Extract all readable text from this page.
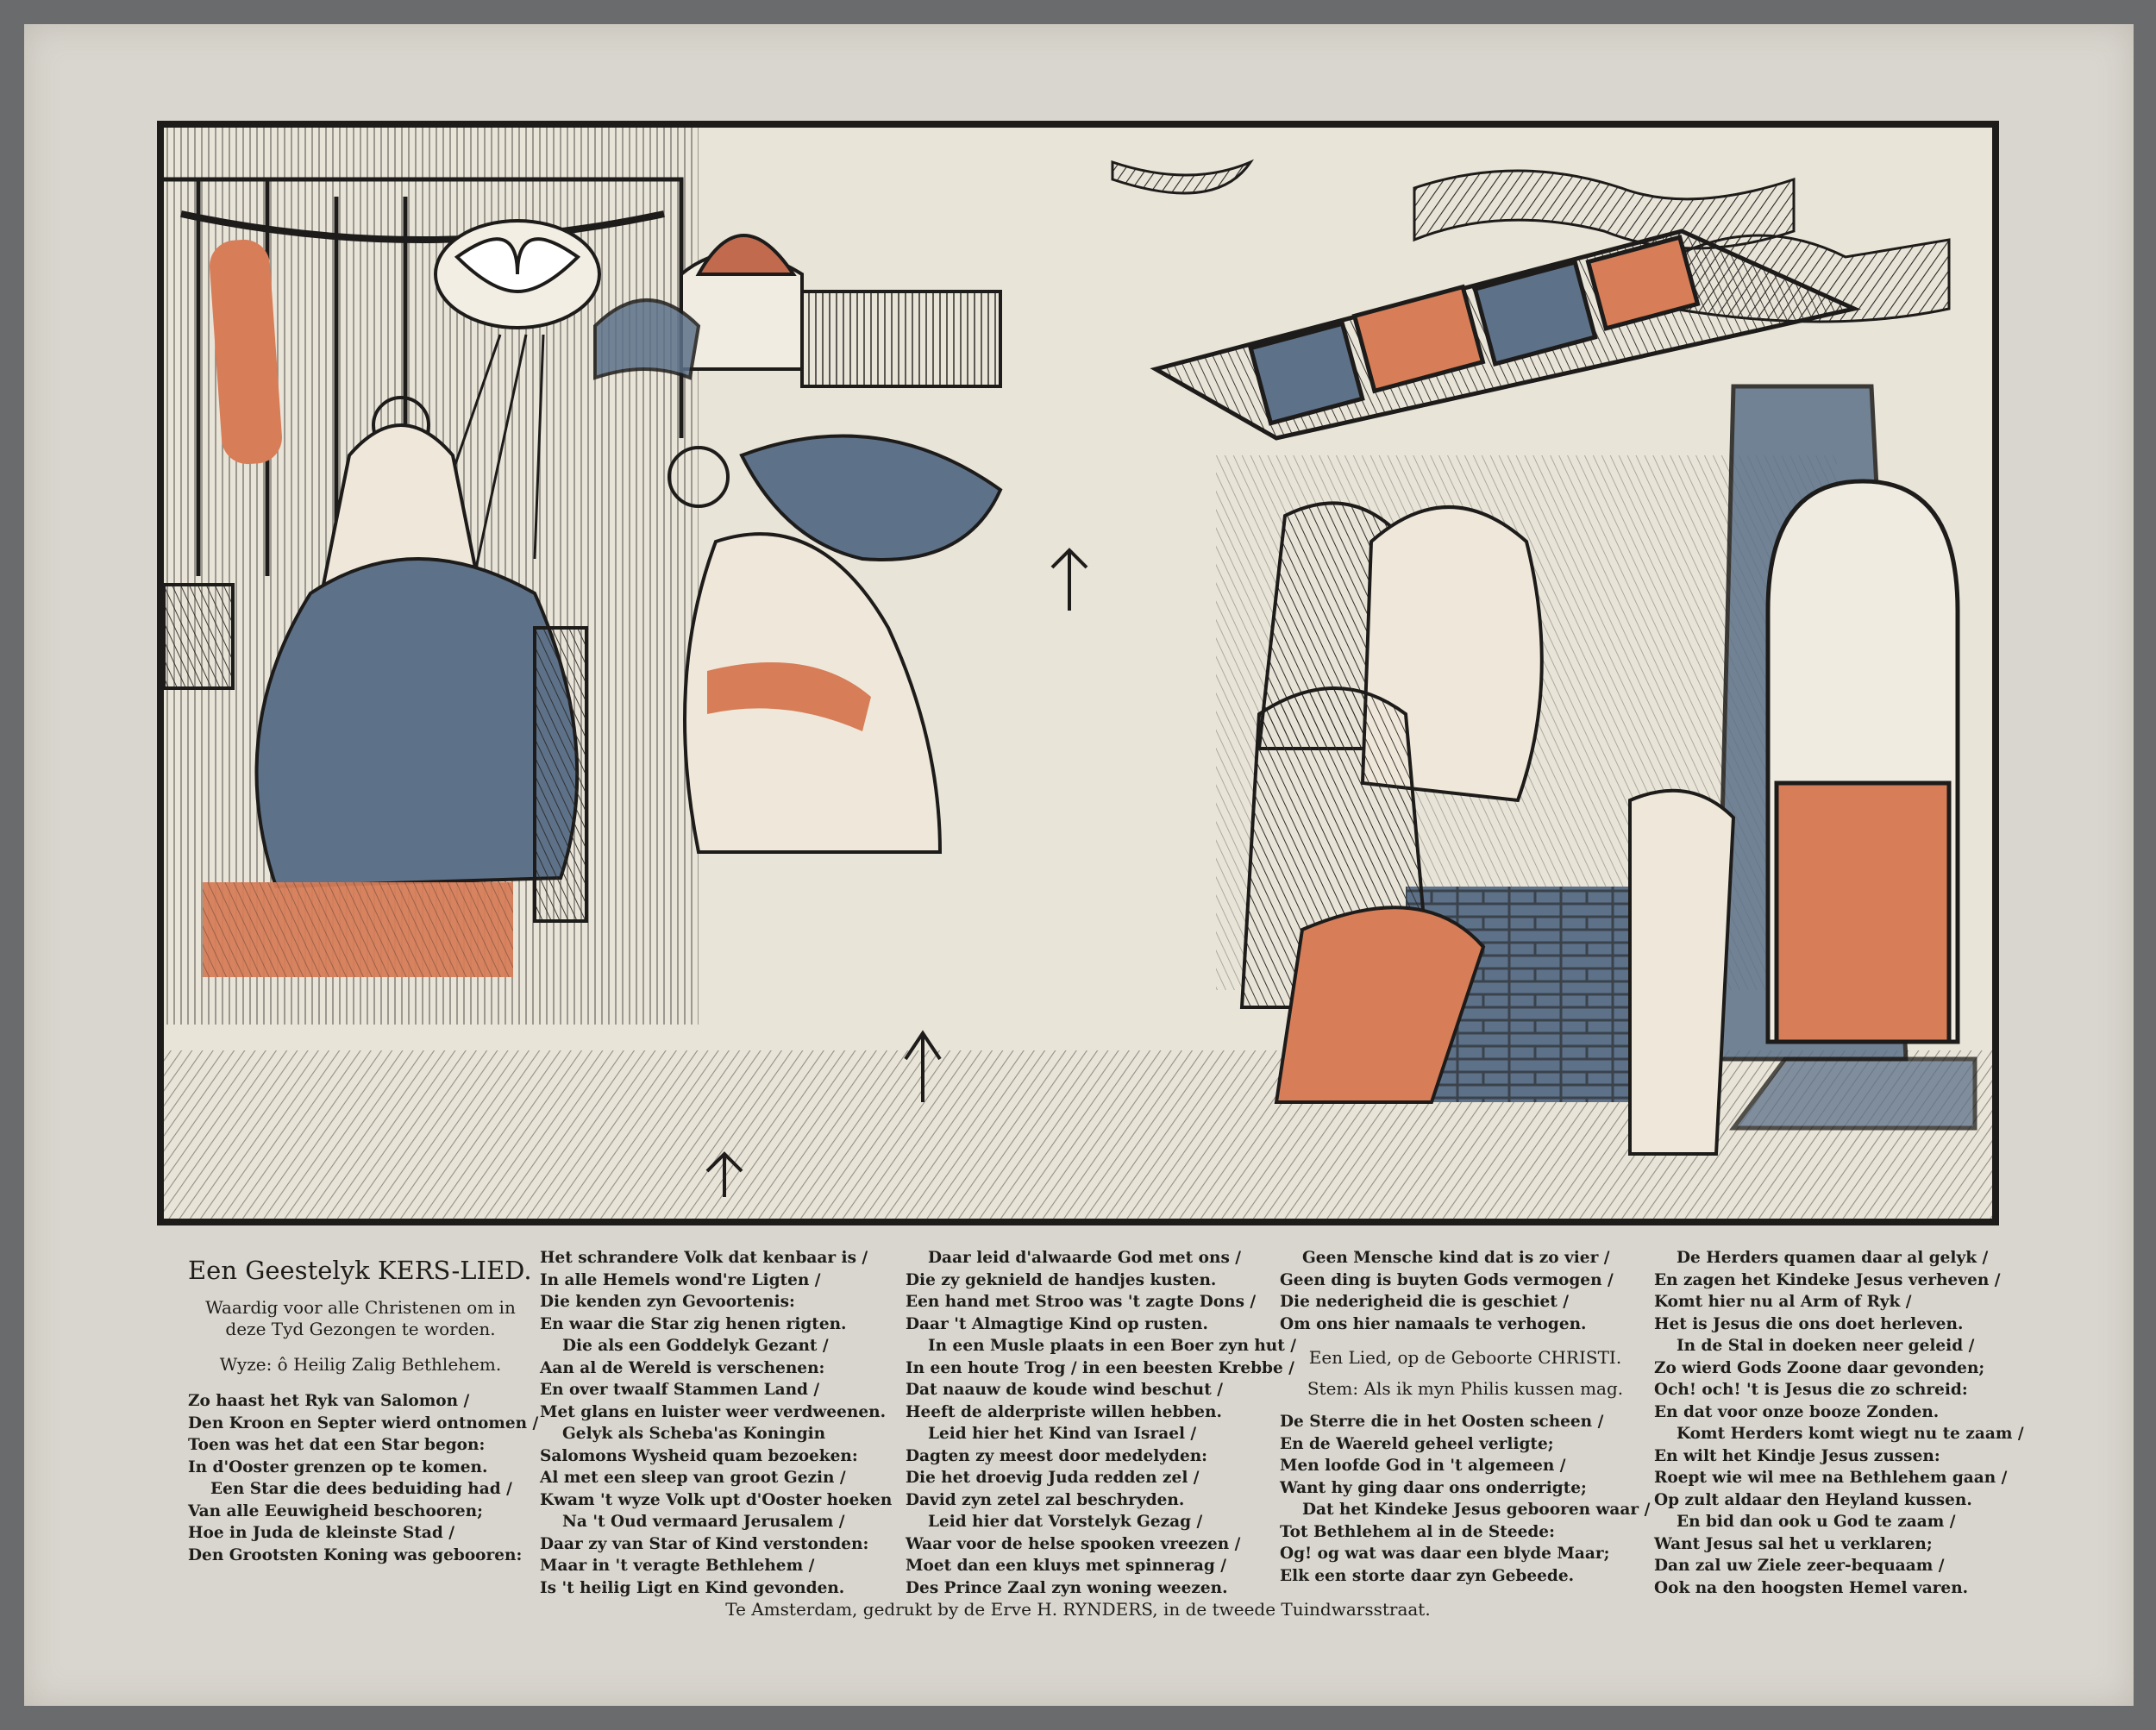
Een Geestelyk KERS-LIED.
Waardig voor alle Christenen om in deze Tyd Gezongen te worden.
Wyze: ô Heilig Zalig Bethlehem.
Zo haast het Ryk van Salomon /
Den Kroon en Septer wierd ontnomen /
Toen was het dat een Star begon:
In d'Ooster grenzen op te komen.
Een Star die dees beduiding had /
Van alle Eeuwigheid beschooren;
Hoe in Juda de kleinste Stad /
Den Grootsten Koning was gebooren:
Het schrandere Volk dat kenbaar is /
In alle Hemels wond're Ligten /
Die kenden zyn Gevoortenis:
En waar die Star zig henen rigten.
Die als een Goddelyk Gezant /
Aan al de Wereld is verschenen:
En over twaalf Stammen Land /
Met glans en luister weer verdweenen.
Gelyk als Scheba'as Koningin
Salomons Wysheid quam bezoeken:
Al met een sleep van groot Gezin /
Kwam 't wyze Volk upt d'Ooster hoeken
Na 't Oud vermaard Jerusalem /
Daar zy van Star of Kind verstonden:
Maar in 't veragte Bethlehem /
Is 't heilig Ligt en Kind gevonden.
Daar leid d'alwaarde God met ons /
Die zy geknield de handjes kusten.
Een hand met Stroo was 't zagte Dons /
Daar 't Almagtige Kind op rusten.
In een Musle plaats in een Boer zyn hut /
In een houte Trog / in een beesten Krebbe /
Dat naauw de koude wind beschut /
Heeft de alderpriste willen hebben.
Leid hier het Kind van Israel /
Dagten zy meest door medelyden:
Die het droevig Juda redden zel /
David zyn zetel zal beschryden.
Leid hier dat Vorstelyk Gezag /
Waar voor de helse spooken vreezen /
Moet dan een kluys met spinnerag /
Des Prince Zaal zyn woning weezen.
Geen Mensche kind dat is zo vier /
Geen ding is buyten Gods vermogen /
Die nederigheid die is geschiet /
Om ons hier namaals te verhogen.
Een Lied, op de Geboorte CHRISTI.
Stem: Als ik myn Philis kussen mag.
De Sterre die in het Oosten scheen /
En de Waereld geheel verligte;
Men loofde God in 't algemeen /
Want hy ging daar ons onderrigte;
Dat het Kindeke Jesus gebooren waar /
Tot Bethlehem al in de Steede:
Og! og wat was daar een blyde Maar;
Elk een storte daar zyn Gebeede.
De Herders quamen daar al gelyk /
En zagen het Kindeke Jesus verheven /
Komt hier nu al Arm of Ryk /
Het is Jesus die ons doet herleven.
In de Stal in doeken neer geleid /
Zo wierd Gods Zoone daar gevonden;
Och! och! 't is Jesus die zo schreid:
En dat voor onze booze Zonden.
Komt Herders komt wiegt nu te zaam /
En wilt het Kindje Jesus zussen:
Roept wie wil mee na Bethlehem gaan /
Op zult aldaar den Heyland kussen.
En bid dan ook u God te zaam /
Want Jesus sal het u verklaren;
Dan zal uw Ziele zeer-bequaam /
Ook na den hoogsten Hemel varen.
Te Amsterdam, gedrukt by de Erve H. RYNDERS, in de tweede Tuindwarsstraat.
